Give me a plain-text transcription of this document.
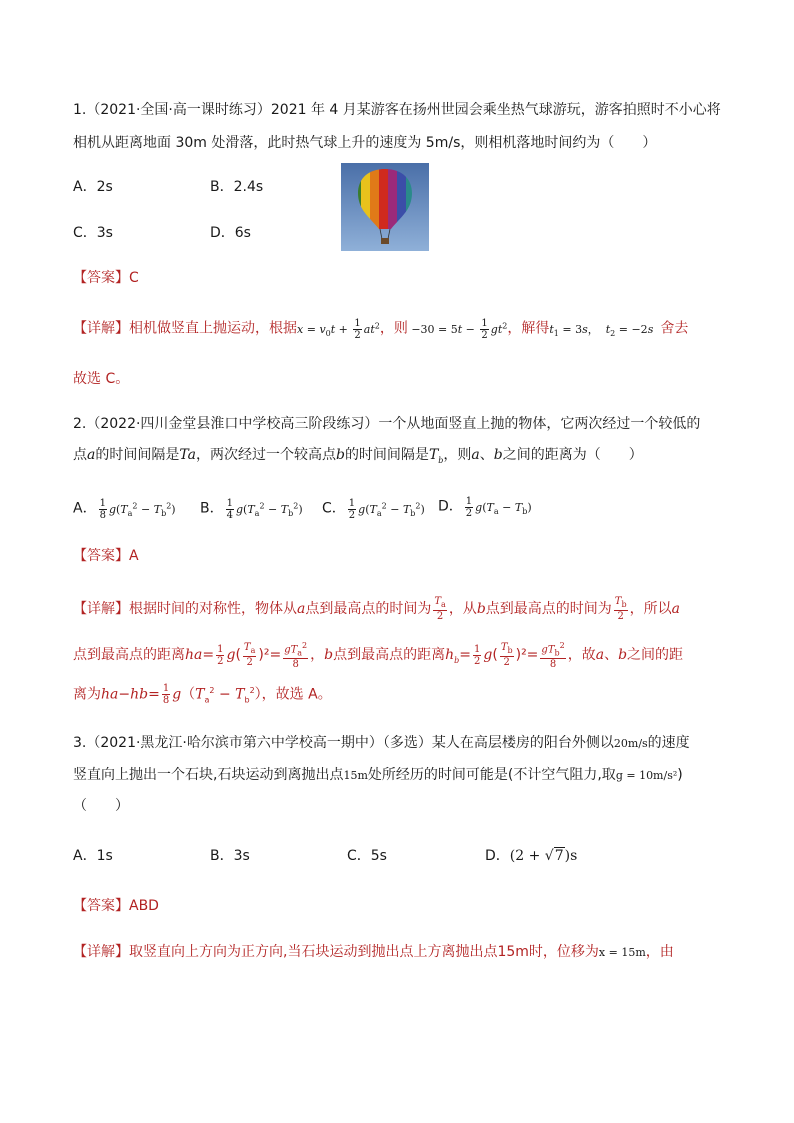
1.（2021·全国·高一课时练习）2021 年 4 月某游客在扬州世园会乘坐热气球游玩，游客拍照时不小心将
相机从距离地面 30m 处滑落，此时热气球上升的速度为 5m/s，则相机落地时间约为（　　）
A．2s	B．2.4s
C．3s	D．6s
【答案】C
【详解】相机做竖直上抛运动，根据$x = v_0t + \frac{1}{2} at^2$，则 $-30 = 5t - \frac{1}{2} gt^2$，解得$t_1 = 3s$，  $t_2 = -2s$ 舍去
故选 C。
2.（2022·四川金堂县淮口中学校高三阶段练习）一个从地面竖直上抛的物体，它两次经过一个较低的
点a的时间间隔是Ta，两次经过一个较高点b的时间间隔是$T_b$，则a、b之间的距离为（　　）
A． $\frac{1}{8} g(T_a^2 - T_b^2)$ B． $\frac{1}{4} g(T_a^2 - T_b^2)$ C． $\frac{1}{2} g(T_a^2 - T_b^2)$ D． $\frac{1}{2} g(T_a - T_b)$
【答案】A
【详解】根据时间的对称性，物体从a点到最高点的时间为 $\frac{T_a}{2}$ ，从b点到最高点的时间为 $\frac{T_b}{2}$ ，所以a
点到最高点的距离$ha= \frac{1}{2} g( \frac{T_a}{2} )^2= \frac{gT_a^2}{8}$ ，b点到最高点的距离$h_b= \frac{1}{2} g( \frac{T_b}{2} )^2= \frac{gT_b^2}{8}$ ，故a、b之间的距
离为$ha-hb= \frac{1}{8} g(T_a^2 - T_b^2)$，故选 A。
3.（2021·黑龙江·哈尔滨市第六中学校高一期中）（多选）某人在高层楼房的阳台外侧以20m/s的速度
竖直向上抛出一个石块,石块运动到离抛出点15m处所经历的时间可能是(不计空气阻力,取g = 10m/s²)
（　　）
A．1s	B．3s	C．5s	D．(2 + √7)s
【答案】ABD
【详解】取竖直向上方向为正方向,当石块运动到抛出点上方离抛出点15m时，位移为x = 15m，由
